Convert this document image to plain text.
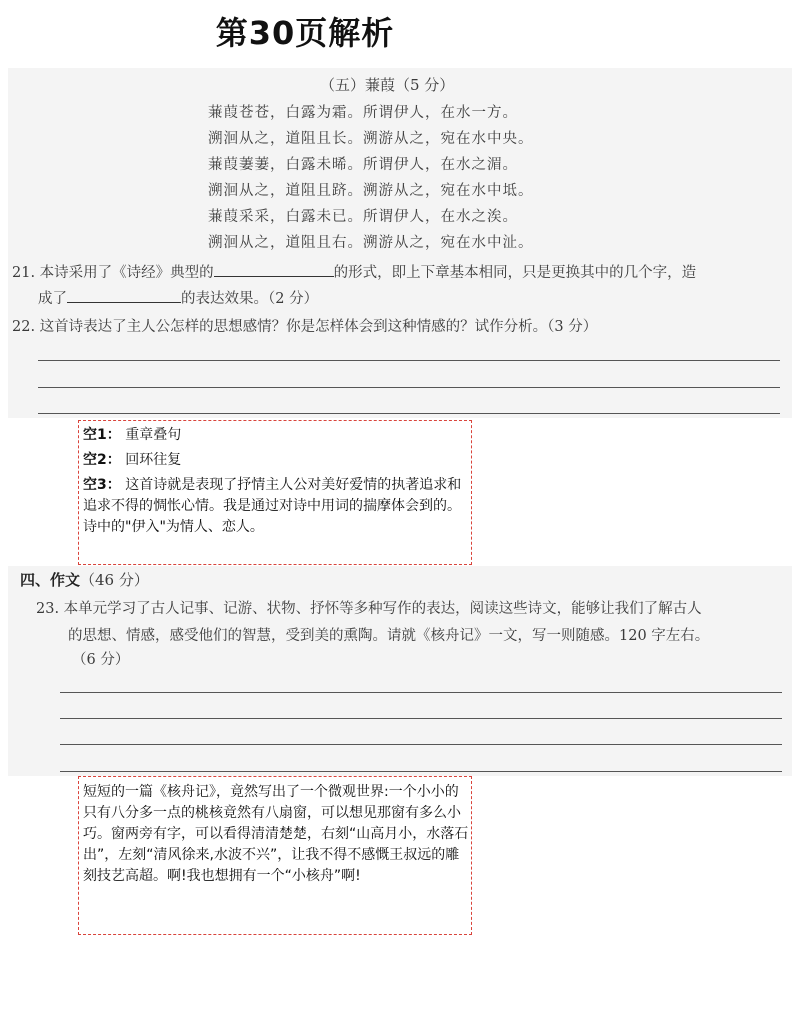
第30页解析
（五）蒹葭（5 分）
蒹葭苍苍，白露为霜。所谓伊人，在水一方。
溯洄从之，道阻且长。溯游从之，宛在水中央。
蒹葭萋萋，白露未晞。所谓伊人，在水之湄。
溯洄从之，道阻且跻。溯游从之，宛在水中坻。
蒹葭采采，白露未已。所谓伊人，在水之涘。
溯洄从之，道阻且右。溯游从之，宛在水中沚。
21. 本诗采用了《诗经》典型的	的形式，即上下章基本相同，只是更换其中的几个字，造
成了	的表达效果。（2 分）
22. 这首诗表达了主人公怎样的思想感情？你是怎样体会到这种情感的？试作分析。（3 分）
空1： 重章叠句
空2： 回环往复
空3： 这首诗就是表现了抒情主人公对美好爱情的执著追求和追求不得的惆怅心情。我是通过对诗中用词的揣摩体会到的。诗中的"伊入"为情人、恋人。
四、作文（46 分）
23. 本单元学习了古人记事、记游、状物、抒怀等多种写作的表达，阅读这些诗文，能够让我们了解古人
的思想、情感，感受他们的智慧，受到美的熏陶。请就《核舟记》一文，写一则随感。120 字左右。
（6 分）
短短的一篇《核舟记》，竟然写出了一个微观世界:一个小小的只有八分多一点的桃核竟然有八扇窗，可以想见那窗有多么小巧。窗两旁有字，可以看得清清楚楚，右刻“山高月小，水落石出”，左刻“清风徐来,水波不兴”，让我不得不感慨王叔远的雕刻技艺高超。啊!我也想拥有一个“小核舟”啊!
